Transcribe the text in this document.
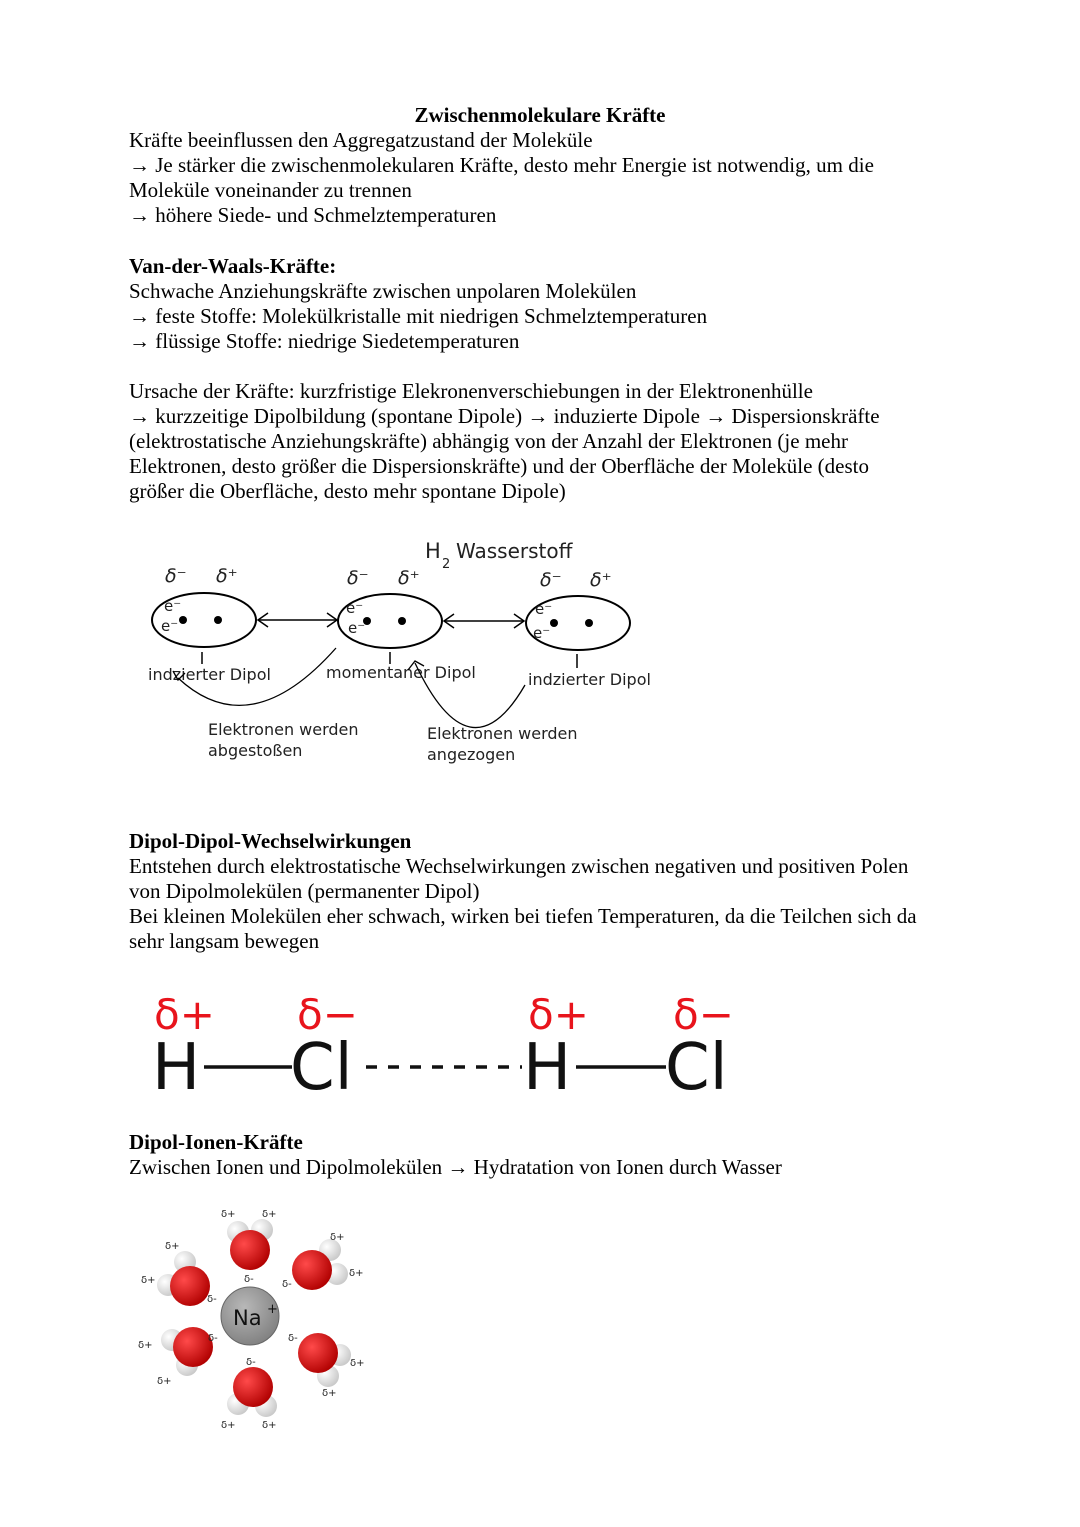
Zwischenmolekulare Kräfte

Kräfte beeinflussen den Aggregatzustand der Moleküle

→ Je stärker die zwischenmolekularen Kräfte, desto mehr Energie ist notwendig, um die

Moleküle voneinander zu trennen

→ höhere Siede- und Schmelztemperaturen

Van-der-Waals-Kräfte:

Schwache Anziehungskräfte zwischen unpolaren Molekülen

→ feste Stoffe: Molekülkristalle mit niedrigen Schmelztemperaturen

→ flüssige Stoffe: niedrige Siedetemperaturen

Ursache der Kräfte: kurzfristige Elekronenverschiebungen in der Elektronenhülle

→ kurzzeitige Dipolbildung (spontane Dipole) → induzierte Dipole → Dispersionskräfte

(elektrostatische Anziehungskräfte) abhängig von der Anzahl der Elektronen (je mehr

Elektronen, desto größer die Dispersionskräfte) und der Oberfläche der Moleküle (desto

größer die Oberfläche, desto mehr spontane Dipole)

H
2
Wasserstoff
δ⁻ δ⁺	δ⁻ δ⁺	δ⁻ δ⁺
e⁻
e⁻
e⁻
e⁻
e⁻
e⁻
indzierter Dipol	momentaner Dipol	indzierter Dipol
Elektronen werden
abgestoßen
Elektronen werden
angezogen

Dipol-Dipol-Wechselwirkungen

Entstehen durch elektrostatische Wechselwirkungen zwischen negativen und positiven Polen

von Dipolmolekülen (permanenter Dipol)

Bei kleinen Molekülen eher schwach, wirken bei tiefen Temperaturen, da die Teilchen sich da

sehr langsam bewegen

δ+ δ−	δ+ δ−
H Cl	H Cl

Dipol-Ionen-Kräfte

Zwischen Ionen und Dipolmolekülen → Hydratation von Ionen durch Wasser

Na +
δ+	δ+
δ-
δ+
δ+
δ-
δ+
δ+
δ-
δ-
δ+
δ+
δ-
δ+
δ+
δ-
δ+	δ+
